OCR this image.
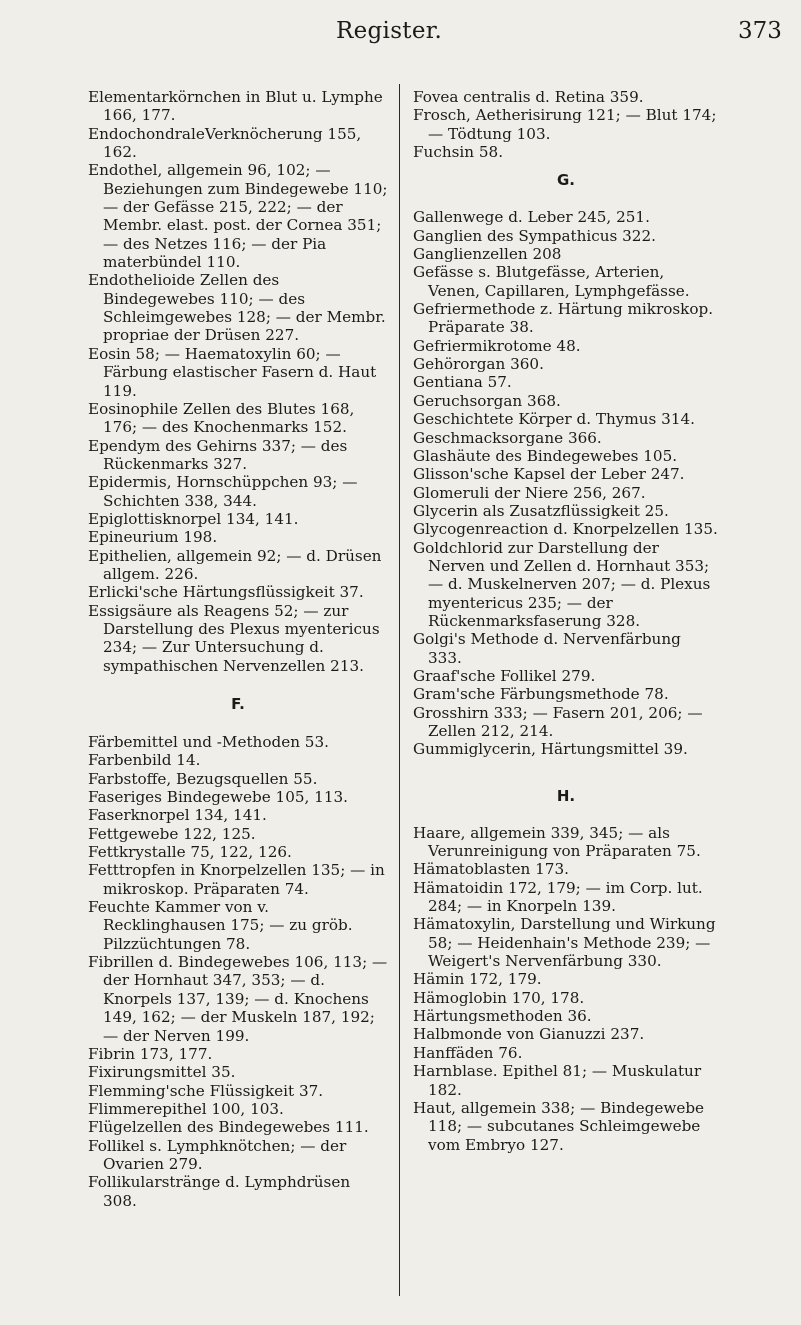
Register.	373
Elementarkörnchen in Blut u. Lymphe 166, 177.
EndochondraleVerknöcherung 155, 162.
Endothel, allgemein 96, 102; — Beziehungen zum Bindegewebe 110; — der Gefässe 215, 222; — der Membr. elast. post. der Cornea 351; — des Netzes 116; — der Pia materbündel 110.
Endothelioide Zellen des Bindegewebes 110; — des Schleimgewebes 128; — der Membr. propriae der Drüsen 227.
Eosin 58; — Haematoxylin 60; — Färbung elastischer Fasern d. Haut 119.
Eosinophile Zellen des Blutes 168, 176; — des Knochenmarks 152.
Ependym des Gehirns 337; — des Rückenmarks 327.
Epidermis, Hornschüppchen 93; — Schichten 338, 344.
Epiglottisknorpel 134, 141.
Epineurium 198.
Epithelien, allgemein 92; — d. Drüsen allgem. 226.
Erlicki'sche Härtungsflüssigkeit 37.
Essigsäure als Reagens 52; — zur Darstellung des Plexus myentericus 234; — Zur Untersuchung d. sympathischen Nervenzellen 213.
F.
Färbemittel und -Methoden 53.
Farbenbild 14.
Farbstoffe, Bezugsquellen 55.
Faseriges Bindegewebe 105, 113.
Faserknorpel 134, 141.
Fettgewebe 122, 125.
Fettkrystalle 75, 122, 126.
Fetttropfen in Knorpelzellen 135; — in mikroskop. Präparaten 74.
Feuchte Kammer von v. Recklinghausen 175; — zu gröb. Pilzzüchtungen 78.
Fibrillen d. Bindegewebes 106, 113; — der Hornhaut 347, 353; — d. Knorpels 137, 139; — d. Knochens 149, 162; — der Muskeln 187, 192; — der Nerven 199.
Fibrin 173, 177.
Fixirungsmittel 35.
Flemming'sche Flüssigkeit 37.
Flimmerepithel 100, 103.
Flügelzellen des Bindegewebes 111.
Follikel s. Lymphknötchen; — der Ovarien 279.
Follikularstränge d. Lymphdrüsen 308.
Fovea centralis d. Retina 359.
Frosch, Aetherisirung 121; — Blut 174; — Tödtung 103.
Fuchsin 58.
G.
Gallenwege d. Leber 245, 251.
Ganglien des Sympathicus 322.
Ganglienzellen 208
Gefässe s. Blutgefässe, Arterien, Venen, Capillaren, Lymphgefässe.
Gefriermethode z. Härtung mikroskop. Präparate 38.
Gefriermikrotome 48.
Gehörorgan 360.
Gentiana 57.
Geruchsorgan 368.
Geschichtete Körper d. Thymus 314.
Geschmacksorgane 366.
Glashäute des Bindegewebes 105.
Glisson'sche Kapsel der Leber 247.
Glomeruli der Niere 256, 267.
Glycerin als Zusatzflüssigkeit 25.
Glycogenreaction d. Knorpelzellen 135.
Goldchlorid zur Darstellung der Nerven und Zellen d. Hornhaut 353; — d. Muskelnerven 207; — d. Plexus myentericus 235; — der Rückenmarksfaserung 328.
Golgi's Methode d. Nervenfärbung 333.
Graaf'sche Follikel 279.
Gram'sche Färbungsmethode 78.
Grosshirn 333; — Fasern 201, 206; — Zellen 212, 214.
Gummiglycerin, Härtungsmittel 39.
H.
Haare, allgemein 339, 345; — als Verunreinigung von Präparaten 75.
Hämatoblasten 173.
Hämatoidin 172, 179; — im Corp. lut. 284; — in Knorpeln 139.
Hämatoxylin, Darstellung und Wirkung 58; — Heidenhain's Methode 239; — Weigert's Nervenfärbung 330.
Hämin 172, 179.
Hämoglobin 170, 178.
Härtungsmethoden 36.
Halbmonde von Gianuzzi 237.
Hanffäden 76.
Harnblase. Epithel 81; — Muskulatur 182.
Haut, allgemein 338; — Bindegewebe 118; — subcutanes Schleimgewebe vom Embryo 127.
